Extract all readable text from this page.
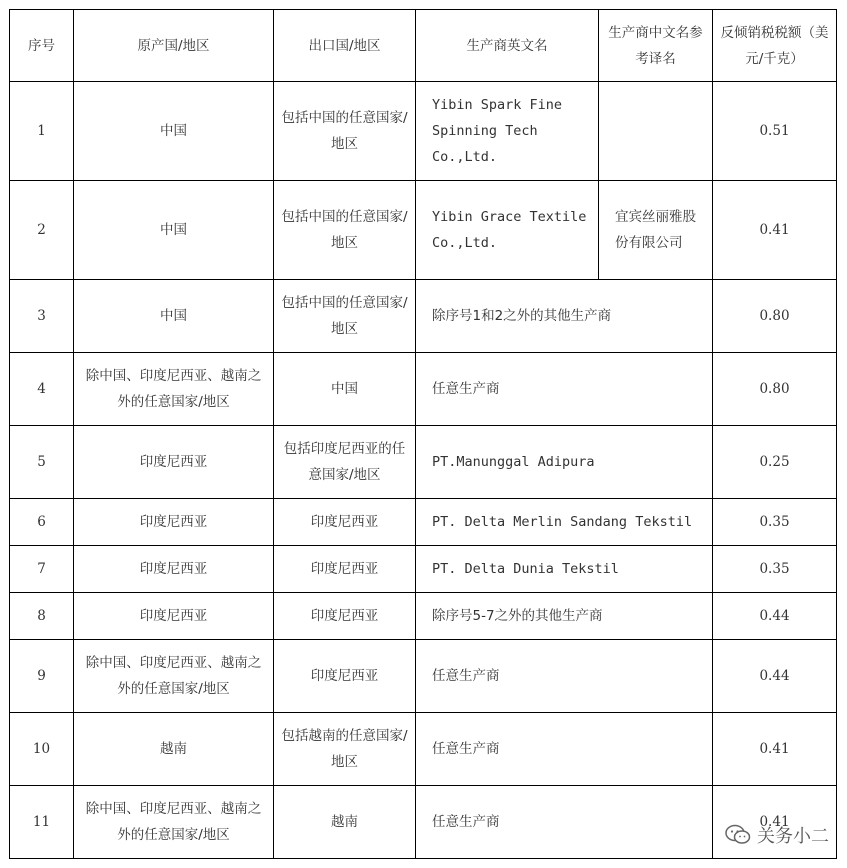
序号	原产国/地区	出口国/地区	生产商英文名	生产商中文名参考译名	反倾销税税额（美元/千克）
1	中国	包括中国的任意国家/地区	Yibin Spark Fine Spinning Tech Co.,Ltd.		0.51
2	中国	包括中国的任意国家/地区	Yibin Grace Textile Co.,Ltd.	宜宾丝丽雅股份有限公司	0.41
3	中国	包括中国的任意国家/地区	除序号1和2之外的其他生产商		0.80
4	除中国、印度尼西亚、越南之外的任意国家/地区	中国	任意生产商		0.80
5	印度尼西亚	包括印度尼西亚的任意国家/地区	PT.Manunggal Adipura		0.25
6	印度尼西亚	印度尼西亚	PT. Delta Merlin Sandang Tekstil		0.35
7	印度尼西亚	印度尼西亚	PT. Delta Dunia Tekstil		0.35
8	印度尼西亚	印度尼西亚	除序号5-7之外的其他生产商		0.44
9	除中国、印度尼西亚、越南之外的任意国家/地区	印度尼西亚	任意生产商		0.44
10	越南	包括越南的任意国家/地区	任意生产商		0.41
11	除中国、印度尼西亚、越南之外的任意国家/地区	越南	任意生产商		0.41
关务小二
